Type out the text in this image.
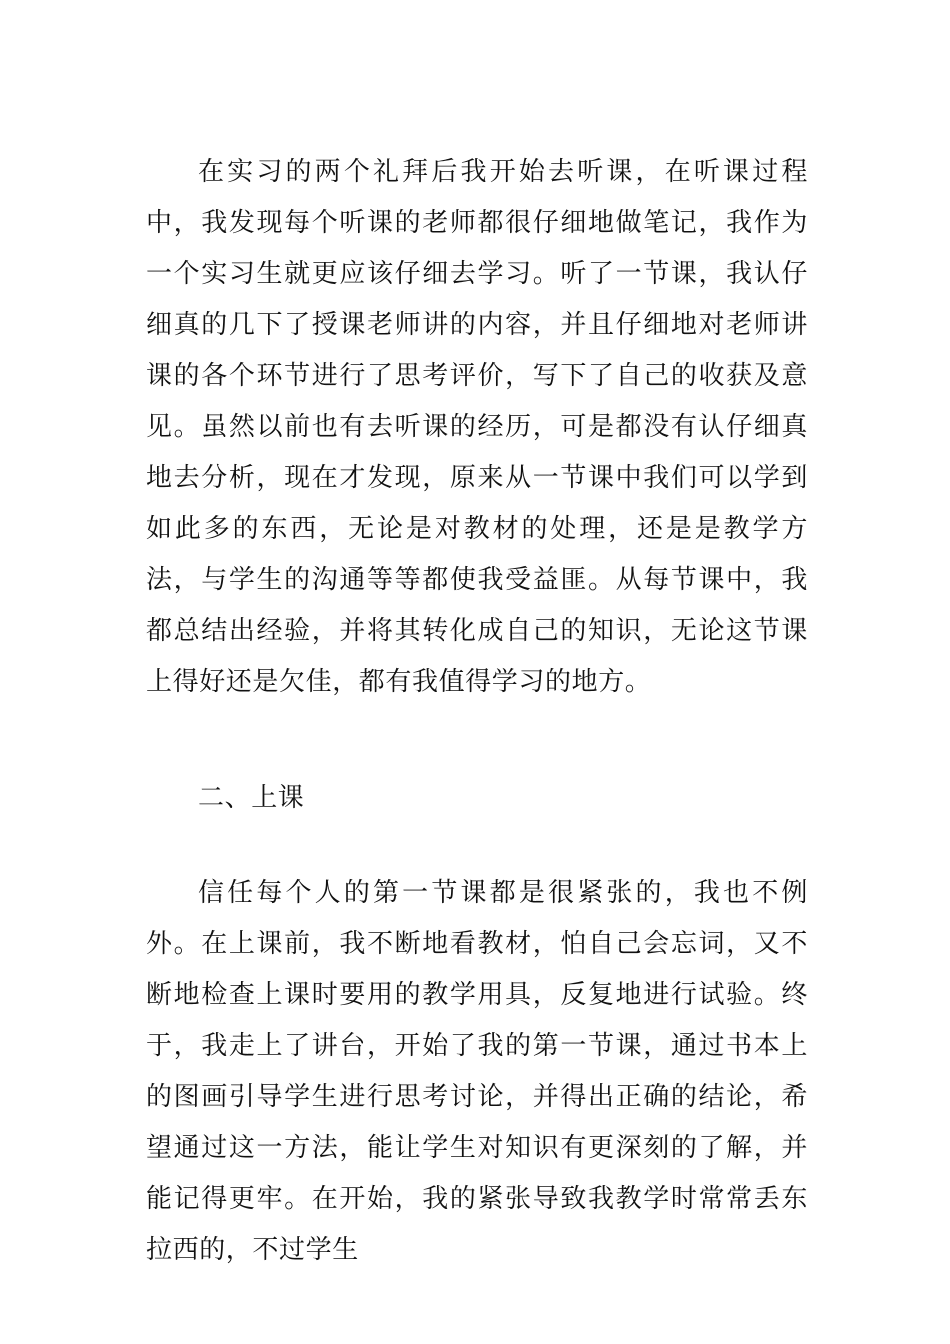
在实习的两个礼拜后我开始去听课，在听课过程中，我发现每个听课的老师都很仔细地做笔记，我作为一个实习生就更应该仔细去学习。听了一节课，我认仔细真的几下了授课老师讲的内容，并且仔细地对老师讲课的各个环节进行了思考评价，写下了自己的收获及意见。虽然以前也有去听课的经历，可是都没有认仔细真地去分析，现在才发现，原来从一节课中我们可以学到如此多的东西，无论是对教材的处理，还是是教学方法，与学生的沟通等等都使我受益匪。从每节课中，我都总结出经验，并将其转化成自己的知识，无论这节课上得好还是欠佳，都有我值得学习的地方。

二、上课

信任每个人的第一节课都是很紧张的，我也不例外。在上课前，我不断地看教材，怕自己会忘词，又不断地检查上课时要用的教学用具，反复地进行试验。终于，我走上了讲台，开始了我的第一节课，通过书本上的图画引导学生进行思考讨论，并得出正确的结论，希望通过这一方法，能让学生对知识有更深刻的了解，并能记得更牢。在开始，我的紧张导致我教学时常常丢东拉西的，不过学生
